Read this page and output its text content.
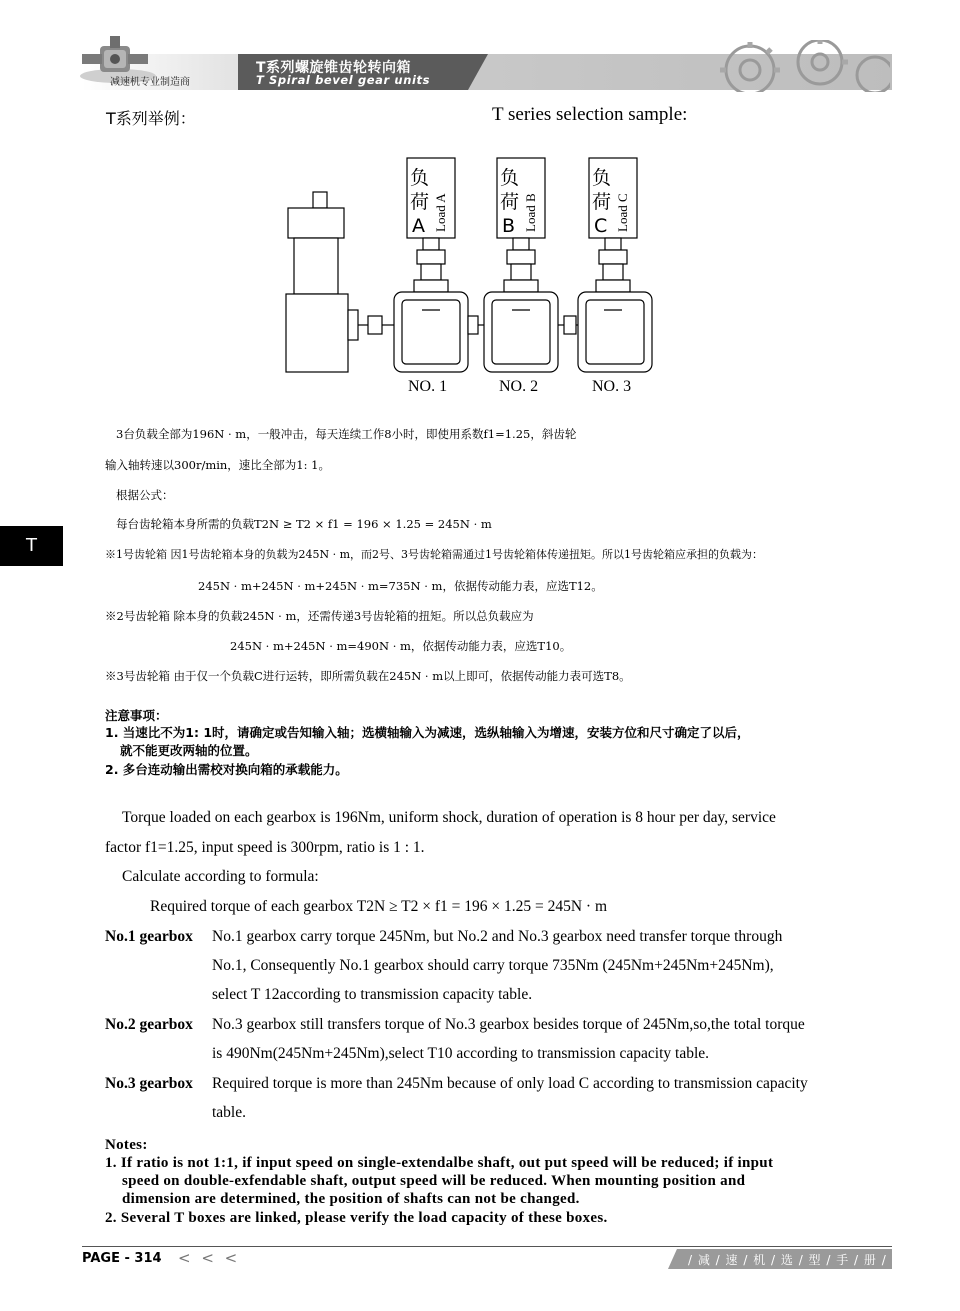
减速机专业制造商
T系列螺旋锥齿轮转向箱
T Spiral bevel gear units
T系列举例：	T series selection sample:
负
荷
A
负
荷
B
负
荷
C
Load A	Load B	Load C
NO. 1	NO. 2	NO. 3
3台负载全部为196N · m，一般冲击，每天连续工作8小时，即使用系数f1=1.25，斜齿轮
输入轴转速以300r/min，速比全部为1: 1。
根据公式：
每台齿轮箱本身所需的负载T2N ≥ T2 × f1 = 196 × 1.25 = 245N · m
T	※1号齿轮箱 因1号齿轮箱本身的负载为245N · m，而2号、3号齿轮箱需通过1号齿轮箱体传递扭矩。所以1号齿轮箱应承担的负载为：
245N · m+245N · m+245N · m=735N · m，依据传动能力表，应选T12。
※2号齿轮箱 除本身的负载245N · m，还需传递3号齿轮箱的扭矩。所以总负载应为
245N · m+245N · m=490N · m，依据传动能力表，应选T10。
※3号齿轮箱 由于仅一个负载C进行运转，即所需负载在245N · m以上即可，依据传动能力表可选T8。
注意事项：
1. 当速比不为1: 1时，请确定或告知输入轴；选横轴输入为减速，选纵轴输入为增速，安装方位和尺寸确定了以后，
就不能更改两轴的位置。
2. 多台连动输出需校对换向箱的承载能力。
Torque loaded on each gearbox is 196Nm, uniform shock, duration of operation is 8 hour per day, service
factor f1=1.25, input speed is 300rpm, ratio is 1 : 1.
Calculate according to formula:
Required torque of each gearbox T2N ≥ T2 × f1 = 196 × 1.25 = 245N · m
No.1 gearbox No.1 gearbox carry torque 245Nm, but No.2 and No.3 gearbox need transfer torque through
No.1, Consequently No.1 gearbox should carry torque 735Nm (245Nm+245Nm+245Nm),
select T 12according to transmission capacity table.
No.2 gearbox No.3 gearbox still transfers torque of No.3 gearbox besides torque of 245Nm,so,the total torque
is 490Nm(245Nm+245Nm),select T10 according to transmission capacity table.
No.3 gearbox Required torque is more than 245Nm because of only load C according to transmission capacity
table.
Notes:
1. If ratio is not 1:1, if input speed on single-extendalbe shaft, out put speed will be reduced; if input
speed on double-exfendable shaft, output speed will be reduced. When mounting position and
dimension are determined, the position of shafts can not be changed.
2. Several T boxes are linked, please verify the load capacity of these boxes.
PAGE - 314 < < <	/ 减 / 速 / 机 / 选 / 型 / 手 / 册 /
